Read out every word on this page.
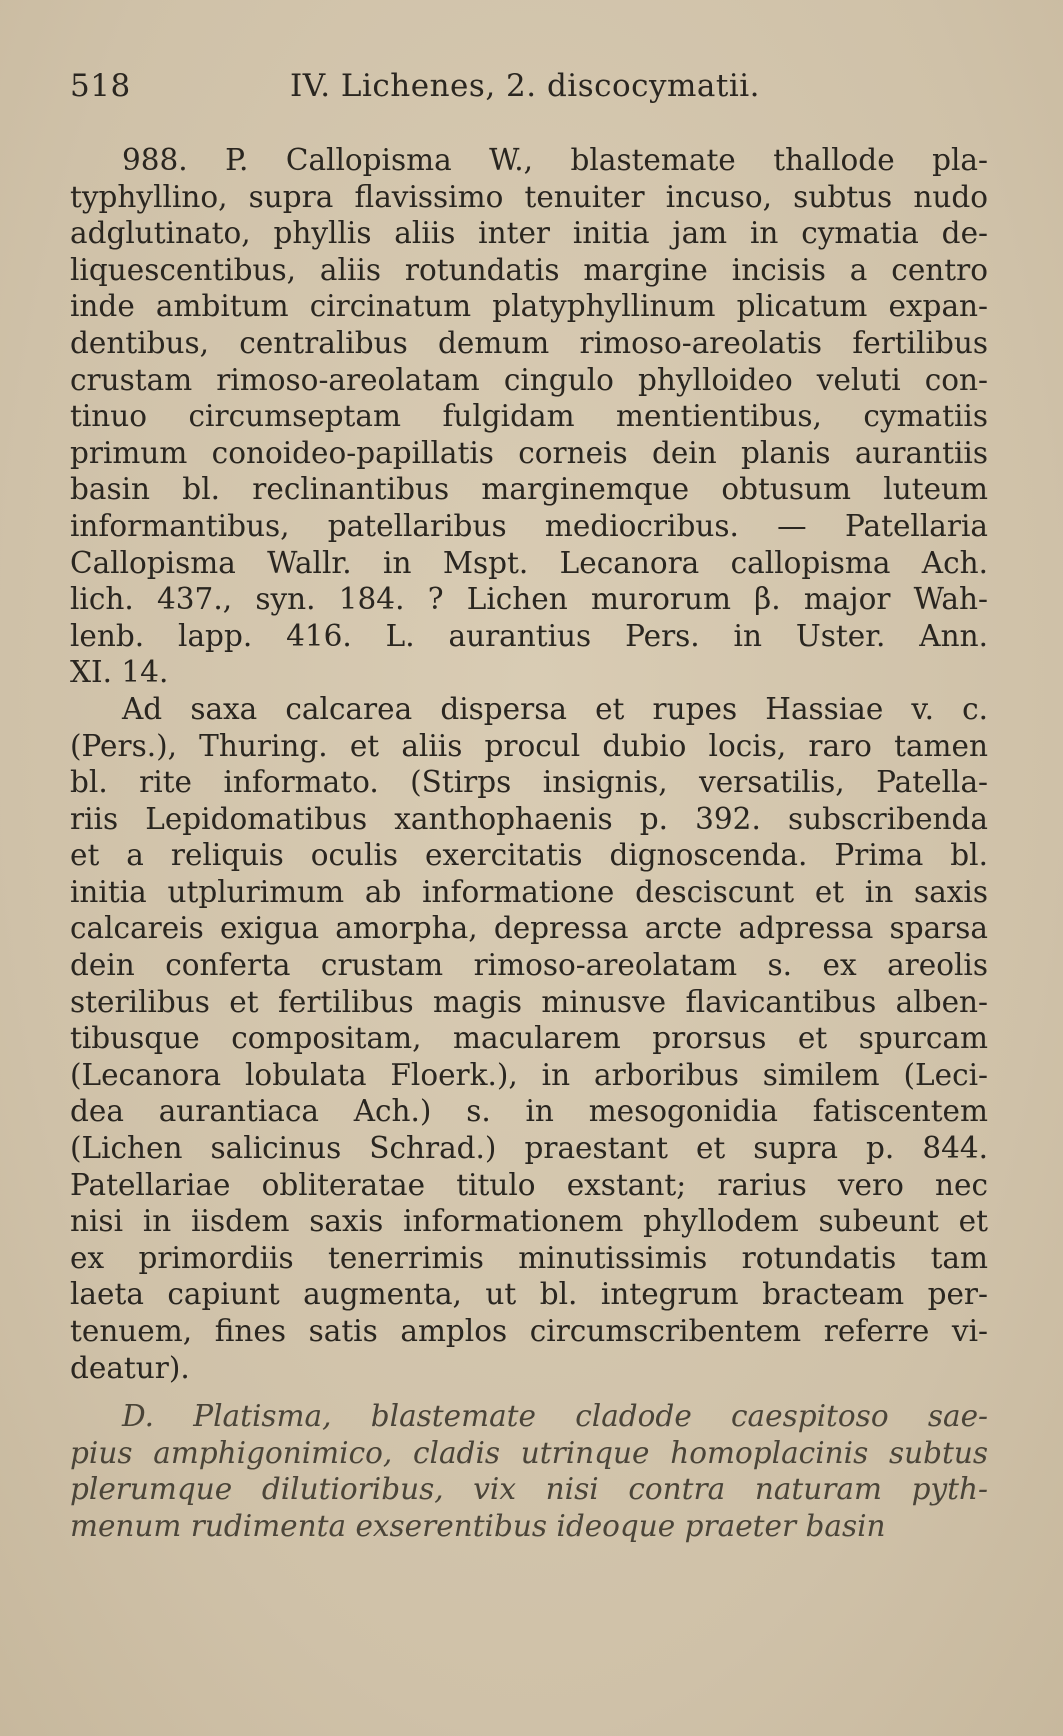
518	IV. Lichenes, 2. discocymatii.
988. P. Callopisma W., blastemate thallode pla-
typhyllino, supra flavissimo tenuiter incuso, subtus nudo
adglutinato, phyllis aliis inter initia jam in cymatia de-
liquescentibus, aliis rotundatis margine incisis a centro
inde ambitum circinatum platyphyllinum plicatum expan-
dentibus, centralibus demum rimoso-areolatis fertilibus
crustam rimoso-areolatam cingulo phylloideo veluti con-
tinuo circumseptam fulgidam mentientibus, cymatiis
primum conoideo-papillatis corneis dein planis aurantiis
basin bl. reclinantibus marginemque obtusum luteum
informantibus, patellaribus mediocribus. — Patellaria
Callopisma Wallr. in Mspt. Lecanora callopisma Ach.
lich. 437., syn. 184. ? Lichen murorum β. major Wah-
lenb. lapp. 416. L. aurantius Pers. in Uster. Ann.
XI. 14.
Ad saxa calcarea dispersa et rupes Hassiae v. c.
(Pers.), Thuring. et aliis procul dubio locis, raro tamen
bl. rite informato. (Stirps insignis, versatilis, Patella-
riis Lepidomatibus xanthophaenis p. 392. subscribenda
et a reliquis oculis exercitatis dignoscenda. Prima bl.
initia utplurimum ab informatione desciscunt et in saxis
calcareis exigua amorpha, depressa arcte adpressa sparsa
dein conferta crustam rimoso-areolatam s. ex areolis
sterilibus et fertilibus magis minusve flavicantibus alben-
tibusque compositam, macularem prorsus et spurcam
(Lecanora lobulata Floerk.), in arboribus similem (Leci-
dea aurantiaca Ach.) s. in mesogonidia fatiscentem
(Lichen salicinus Schrad.) praestant et supra p. 844.
Patellariae obliteratae titulo exstant; rarius vero nec
nisi in iisdem saxis informationem phyllodem subeunt et
ex primordiis tenerrimis minutissimis rotundatis tam
laeta capiunt augmenta, ut bl. integrum bracteam per-
tenuem, fines satis amplos circumscribentem referre vi-
deatur).
D. Platisma, blastemate cladode caespitoso sae-
pius amphigonimico, cladis utrinque homoplacinis subtus
plerumque dilutioribus, vix nisi contra naturam pyth-
menum rudimenta exserentibus ideoque praeter basin
